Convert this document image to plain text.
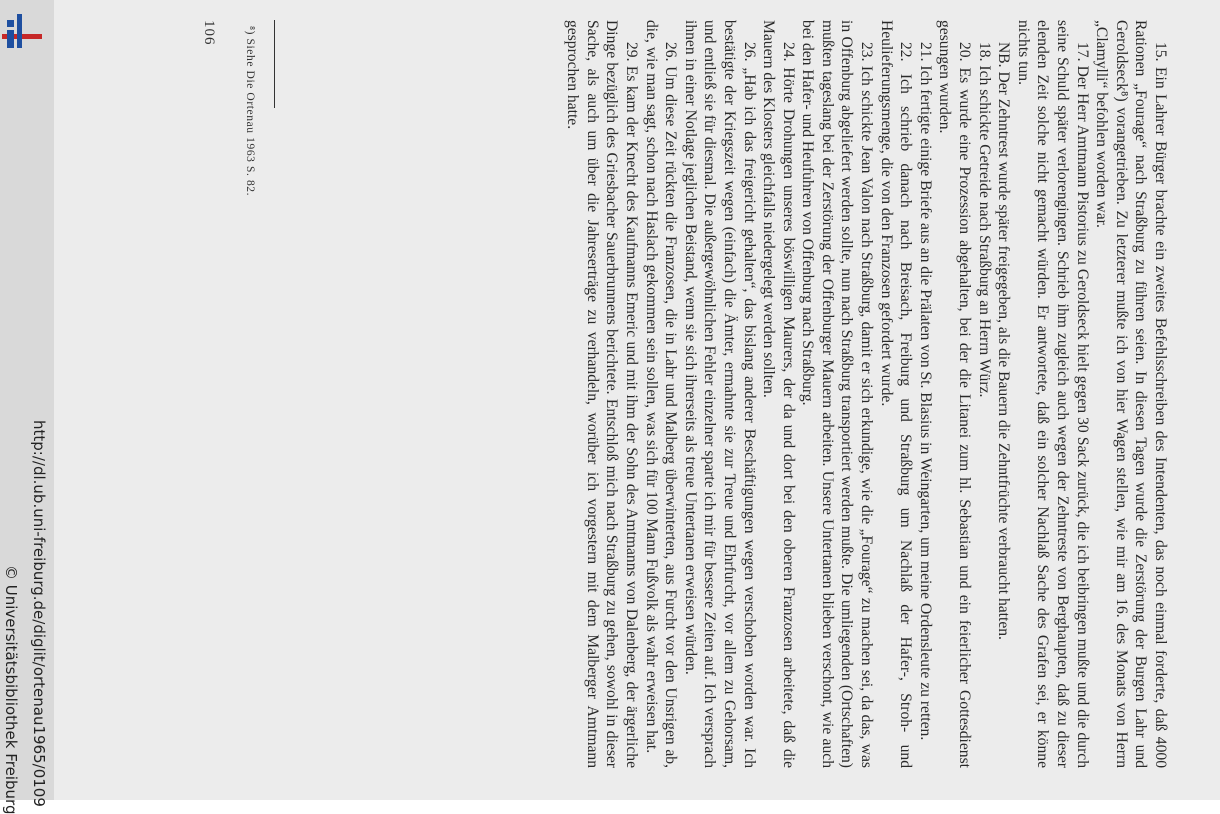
http://dl.ub.uni-freiburg.de/diglit/ortenau1965/0109
© Universitätsbibliothek Freiburg	15. Ein Lahrer Bürger brachte ein zweites Befehlsschreiben des Intendenten, das noch einmal forderte, daß 4000 Rationen „Fourage“ nach Straßburg zu führen seien. In diesen Tagen wurde die Zerstörung der Burgen Lahr und Geroldseck⁸) vorangetrieben. Zu letzterer mußte ich von hier Wagen stellen, wie mir am 16. des Monats von Herrn „Clamylli“ befohlen worden war.

17. Der Herr Amtmann Pistorius zu Geroldseck hielt gegen 30 Sack zurück, die ich beibringen mußte und die durch seine Schuld später verlorengingen. Schrieb ihm zugleich auch wegen der Zehntreste von Berghaupten, daß zu dieser elenden Zeit solche nicht gemacht würden. Er antwortete, daß ein solcher Nachlaß Sache des Grafen sei, er könne nichts tun.

NB. Der Zehntrest wurde später freigegeben, als die Bauern die Zehntfrüchte verbraucht hatten.

18. Ich schickte Getreide nach Straßburg an Herrn Würz.

20. Es wurde eine Prozession abgehalten, bei der die Litanei zum hl. Sebastian und ein feierlicher Gottesdienst gesungen wurden.

21. Ich fertigte einige Briefe aus an die Prälaten von St. Blasius in Weingarten, um meine Ordensleute zu retten.

22. Ich schrieb danach nach Breisach, Freiburg und Straßburg um Nachlaß der Hafer-, Stroh- und Heulieferungsmenge, die von den Franzosen gefordert wurde.

23. Ich schickte Jean Valon nach Straßburg, damit er sich erkundige, wie die „Fourage“ zu machen sei, da das, was in Offenburg abgeliefert werden sollte, nun nach Straßburg transportiert werden mußte. Die umliegenden (Ortschaften) mußten tageslang bei der Zerstörung der Offenburger Mauern arbeiten. Unsere Untertanen blieben verschont, wie auch bei den Hafer- und Heufuhren von Offenburg nach Straßburg.

24. Hörte Drohungen unseres böswilligen Maurers, der da und dort bei den oberen Franzosen arbeitete, daß die Mauern des Klosters gleichfalls niedergelegt werden sollten.

26. „Hab ich das freigericht gehalten“, das bislang anderer Beschäftigungen wegen verschoben worden war. Ich bestätigte der Kriegszeit wegen (einfach) die Ämter, ermahnte sie zur Treue und Ehrfurcht, vor allem zu Gehorsam, und entließ sie für diesmal. Die außergewöhnlichen Fehler einzelner sparte ich mir für bessere Zeiten auf. Ich versprach ihnen in einer Notlage jeglichen Beistand, wenn sie sich ihrerseits als treue Untertanen erweisen würden.

26. Um diese Zeit rückten die Franzosen, die in Lahr und Malberg überwinterten, aus Furcht vor den Unsrigen ab, die, wie man sagt, schon nach Haslach gekommen sein sollen, was sich für 100 Mann Fußvolk als wahr erweisen hat.

29. Es kam der Knecht des Kaufmanns Emeric und mit ihm der Sohn des Amtmanns von Dalenberg, der ärgerliche Dinge bezüglich des Griesbacher Sauerbrunnens berichtete. Entschloß mich nach Straßburg zu gehen, sowohl in dieser Sache, als auch um über die Jahreserträge zu verhandeln, worüber ich vorgestern mit dem Malberger Amtmann gesprochen hatte.

⁸) Siehe Die Ortenau 1963 S. 82.
106
